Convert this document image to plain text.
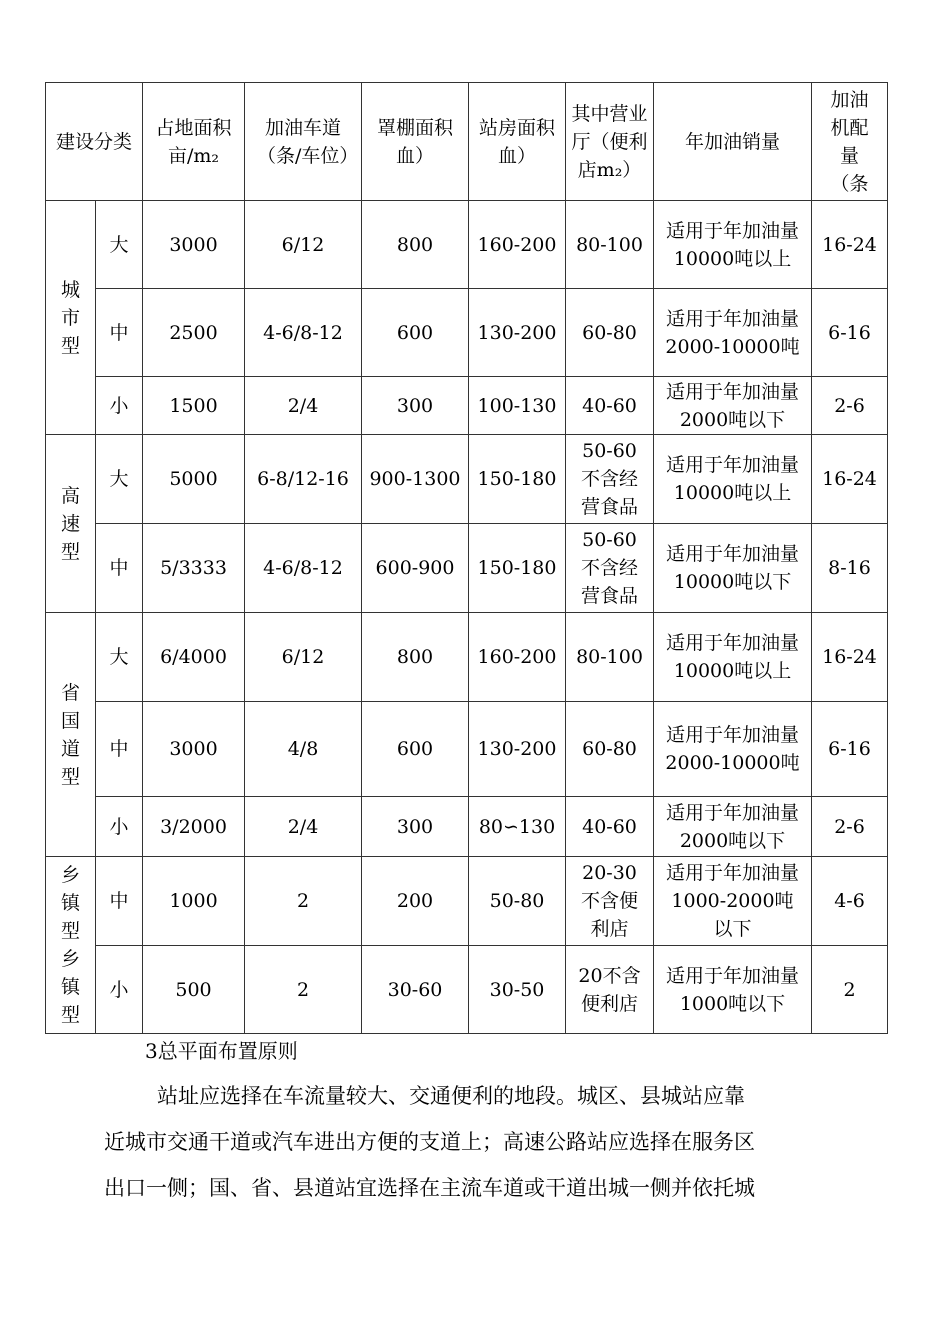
建设分类		占地面积亩/m₂	加油车道（条/车位）	罩棚面积血）	站房面积血）	其中营业厅（便利店m₂）	年加油销量	加油机配量（条
城市型	大	3000	6/12	800	160-200	80-100	适用于年加油量10000吨以上	16-24
	中	2500	4-6/8-12	600	130-200	60-80	适用于年加油量2000-10000吨	6-16
	小	1500	2/4	300	100-130	40-60	适用于年加油量2000吨以下	2-6
高速型	大	5000	6-8/12-16	900-1300	150-180	50-60不含经营食品	适用于年加油量10000吨以上	16-24
	中	5/3333	4-6/8-12	600-900	150-180	50-60不含经营食品	适用于年加油量10000吨以下	8-16
省国道型	大	6/4000	6/12	800	160-200	80-100	适用于年加油量10000吨以上	16-24
	中	3000	4/8	600	130-200	60-80	适用于年加油量2000-10000吨	6-16
	小	3/2000	2/4	300	80∽130	40-60	适用于年加油量2000吨以下	2-6
乡镇型乡镇型	中	1000	2	200	50-80	20-30不含便利店	适用于年加油量1000-2000吨以下	4-6
	小	500	2	30-60	30-50	20不含便利店	适用于年加油量1000吨以下	2

3总平面布置原则

站址应选择在车流量较大、交通便利的地段。城区、县城站应靠

近城市交通干道或汽车进出方便的支道上；高速公路站应选择在服务区

出口一侧；国、省、县道站宜选择在主流车道或干道出城一侧并依托城
